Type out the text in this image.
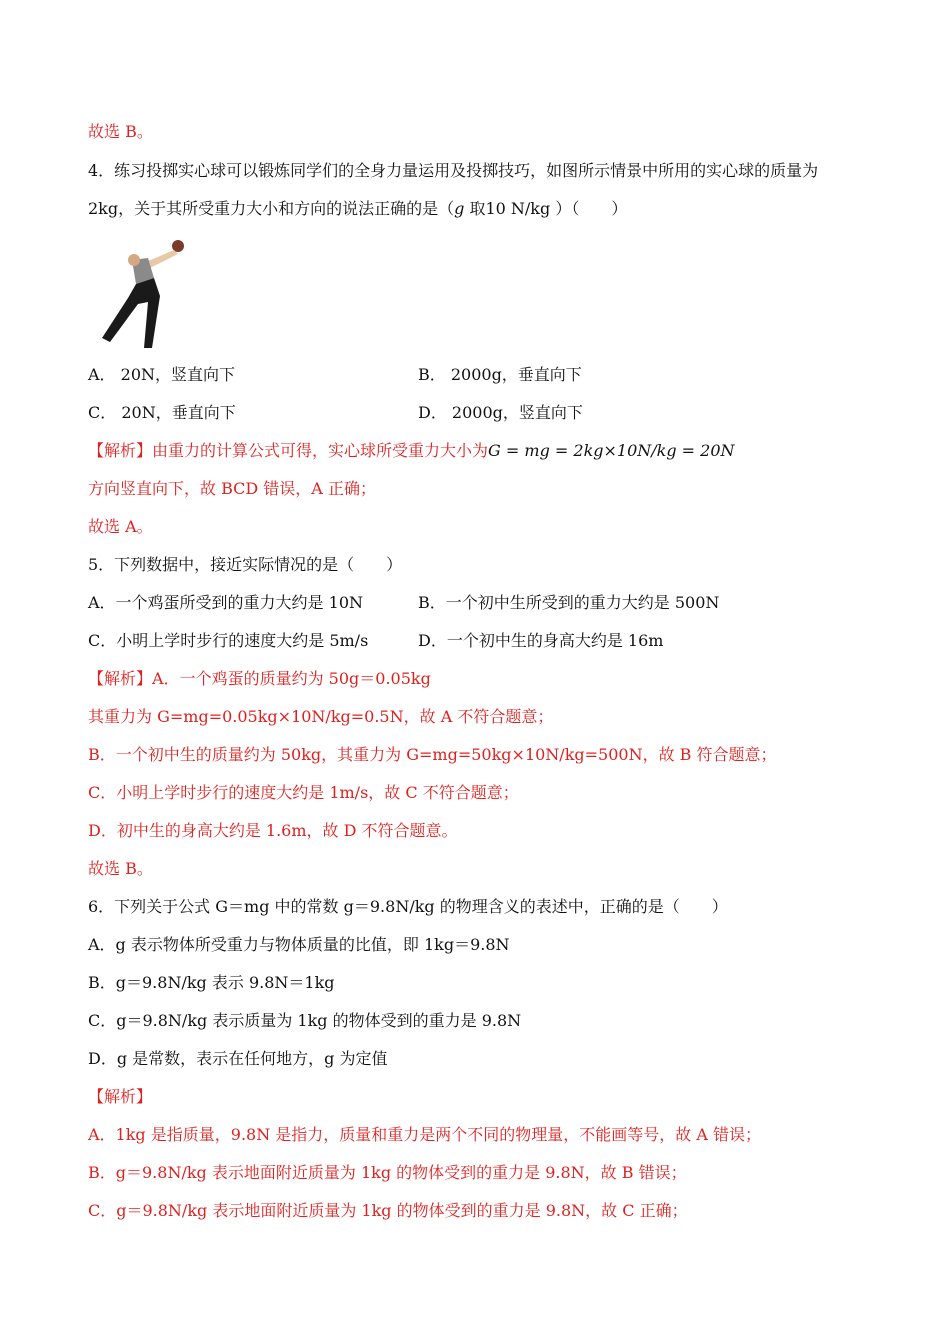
故选 B。
4．练习投掷实心球可以锻炼同学们的全身力量运用及投掷技巧，如图所示情景中所用的实心球的质量为
2kg，关于其所受重力大小和方向的说法正确的是（g 取10 N/kg ）（　　）
A． 20N，竖直向下	B． 2000g，垂直向下
C． 20N，垂直向下	D． 2000g，竖直向下
【解析】由重力的计算公式可得，实心球所受重力大小为G = mg = 2kg×10N/kg = 20N
方向竖直向下，故 BCD 错误，A 正确；
故选 A。
5．下列数据中，接近实际情况的是（　　）
A．一个鸡蛋所受到的重力大约是 10N	B．一个初中生所受到的重力大约是 500N
C．小明上学时步行的速度大约是 5m/s	D．一个初中生的身高大约是 16m
【解析】A．一个鸡蛋的质量约为 50g＝0.05kg
其重力为 G=mg=0.05kg×10N/kg=0.5N，故 A 不符合题意；
B．一个初中生的质量约为 50kg，其重力为 G=mg=50kg×10N/kg=500N，故 B 符合题意；
C．小明上学时步行的速度大约是 1m/s，故 C 不符合题意；
D．初中生的身高大约是 1.6m，故 D 不符合题意。
故选 B。
6．下列关于公式 G＝mg 中的常数 g＝9.8N/kg 的物理含义的表述中，正确的是（　　）
A．g 表示物体所受重力与物体质量的比值，即 1kg＝9.8N
B．g＝9.8N/kg 表示 9.8N＝1kg
C．g＝9.8N/kg 表示质量为 1kg 的物体受到的重力是 9.8N
D．g 是常数，表示在任何地方，g 为定值
【解析】
A．1kg 是指质量，9.8N 是指力，质量和重力是两个不同的物理量，不能画等号，故 A 错误；
B．g＝9.8N/kg 表示地面附近质量为 1kg 的物体受到的重力是 9.8N，故 B 错误；
C．g＝9.8N/kg 表示地面附近质量为 1kg 的物体受到的重力是 9.8N，故 C 正确；
